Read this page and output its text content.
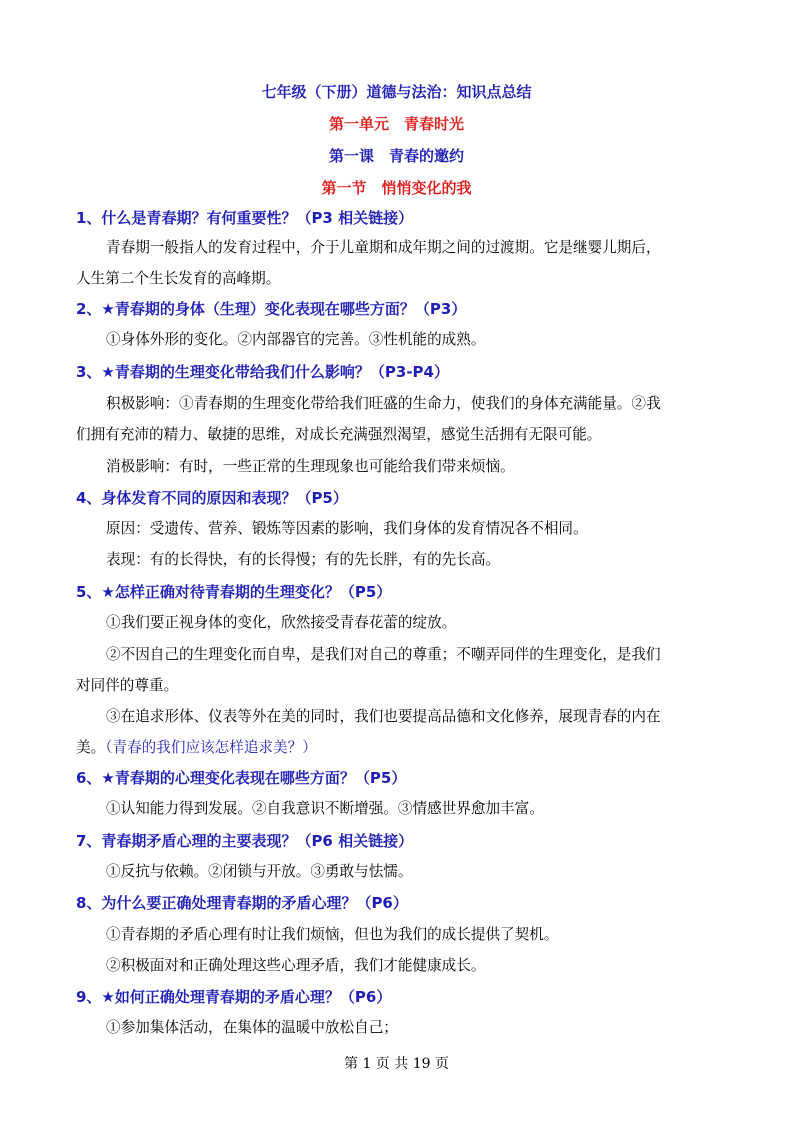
七年级（下册）道德与法治：知识点总结
第一单元　青春时光
第一课　青春的邀约
第一节　悄悄变化的我
1、什么是青春期？有何重要性？（P3 相关链接）
青春期一般指人的发育过程中，介于儿童期和成年期之间的过渡期。它是继婴儿期后，
人生第二个生长发育的高峰期。
2、★青春期的身体（生理）变化表现在哪些方面？（P3）
①身体外形的变化。②内部器官的完善。③性机能的成熟。
3、★青春期的生理变化带给我们什么影响？（P3-P4）
积极影响：①青春期的生理变化带给我们旺盛的生命力，使我们的身体充满能量。②我
们拥有充沛的精力、敏捷的思维，对成长充满强烈渴望，感觉生活拥有无限可能。
消极影响：有时，一些正常的生理现象也可能给我们带来烦恼。
4、身体发育不同的原因和表现？（P5）
原因：受遗传、营养、锻炼等因素的影响，我们身体的发育情况各不相同。
表现：有的长得快，有的长得慢；有的先长胖，有的先长高。
5、★怎样正确对待青春期的生理变化？（P5）
①我们要正视身体的变化，欣然接受青春花蕾的绽放。
②不因自己的生理变化而自卑，是我们对自己的尊重；不嘲弄同伴的生理变化，是我们
对同伴的尊重。
③在追求形体、仪表等外在美的同时，我们也要提高品德和文化修养，展现青春的内在
美。（青春的我们应该怎样追求美？）
6、★青春期的心理变化表现在哪些方面？（P5）
①认知能力得到发展。②自我意识不断增强。③情感世界愈加丰富。
7、青春期矛盾心理的主要表现？（P6 相关链接）
①反抗与依赖。②闭锁与开放。③勇敢与怯懦。
8、为什么要正确处理青春期的矛盾心理？（P6）
①青春期的矛盾心理有时让我们烦恼，但也为我们的成长提供了契机。
②积极面对和正确处理这些心理矛盾，我们才能健康成长。
9、★如何正确处理青春期的矛盾心理？（P6）
①参加集体活动，在集体的温暖中放松自己；
第 1 页 共 19 页
